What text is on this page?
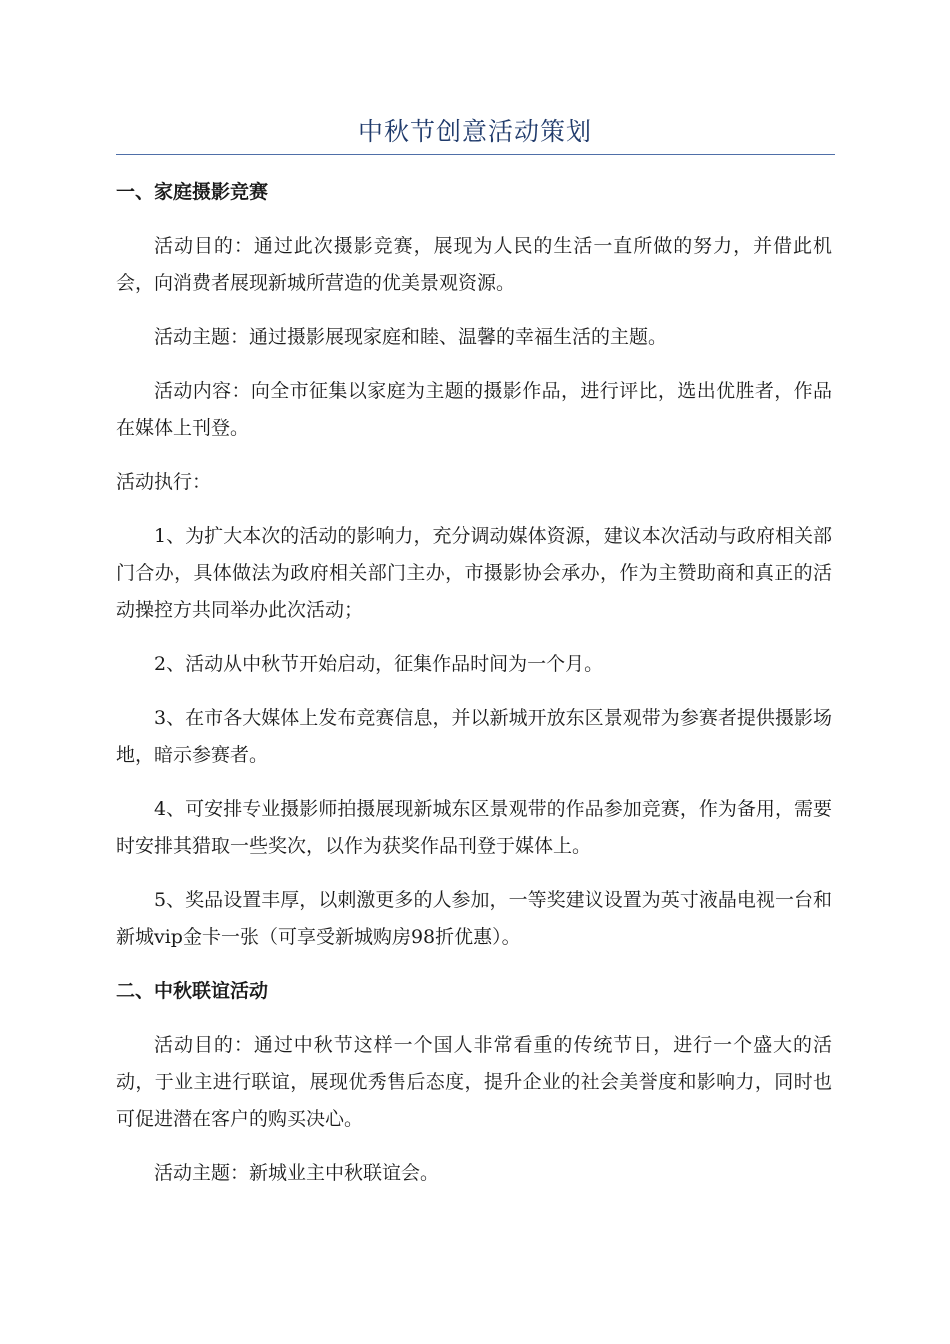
中秋节创意活动策划
一、家庭摄影竞赛

活动目的：通过此次摄影竞赛，展现为人民的生活一直所做的努力，并借此机会，向消费者展现新城所营造的优美景观资源。

活动主题：通过摄影展现家庭和睦、温馨的幸福生活的主题。

活动内容：向全市征集以家庭为主题的摄影作品，进行评比，选出优胜者，作品在媒体上刊登。

活动执行：

1、为扩大本次的活动的影响力，充分调动媒体资源，建议本次活动与政府相关部门合办，具体做法为政府相关部门主办，市摄影协会承办，作为主赞助商和真正的活动操控方共同举办此次活动；

2、活动从中秋节开始启动，征集作品时间为一个月。

3、在市各大媒体上发布竞赛信息，并以新城开放东区景观带为参赛者提供摄影场地，暗示参赛者。

4、可安排专业摄影师拍摄展现新城东区景观带的作品参加竞赛，作为备用，需要时安排其猎取一些奖次，以作为获奖作品刊登于媒体上。

5、奖品设置丰厚，以刺激更多的人参加，一等奖建议设置为英寸液晶电视一台和新城vip金卡一张（可享受新城购房98折优惠）。

二、中秋联谊活动

活动目的：通过中秋节这样一个国人非常看重的传统节日，进行一个盛大的活动，于业主进行联谊，展现优秀售后态度，提升企业的社会美誉度和影响力，同时也可促进潜在客户的购买决心。

活动主题：新城业主中秋联谊会。
